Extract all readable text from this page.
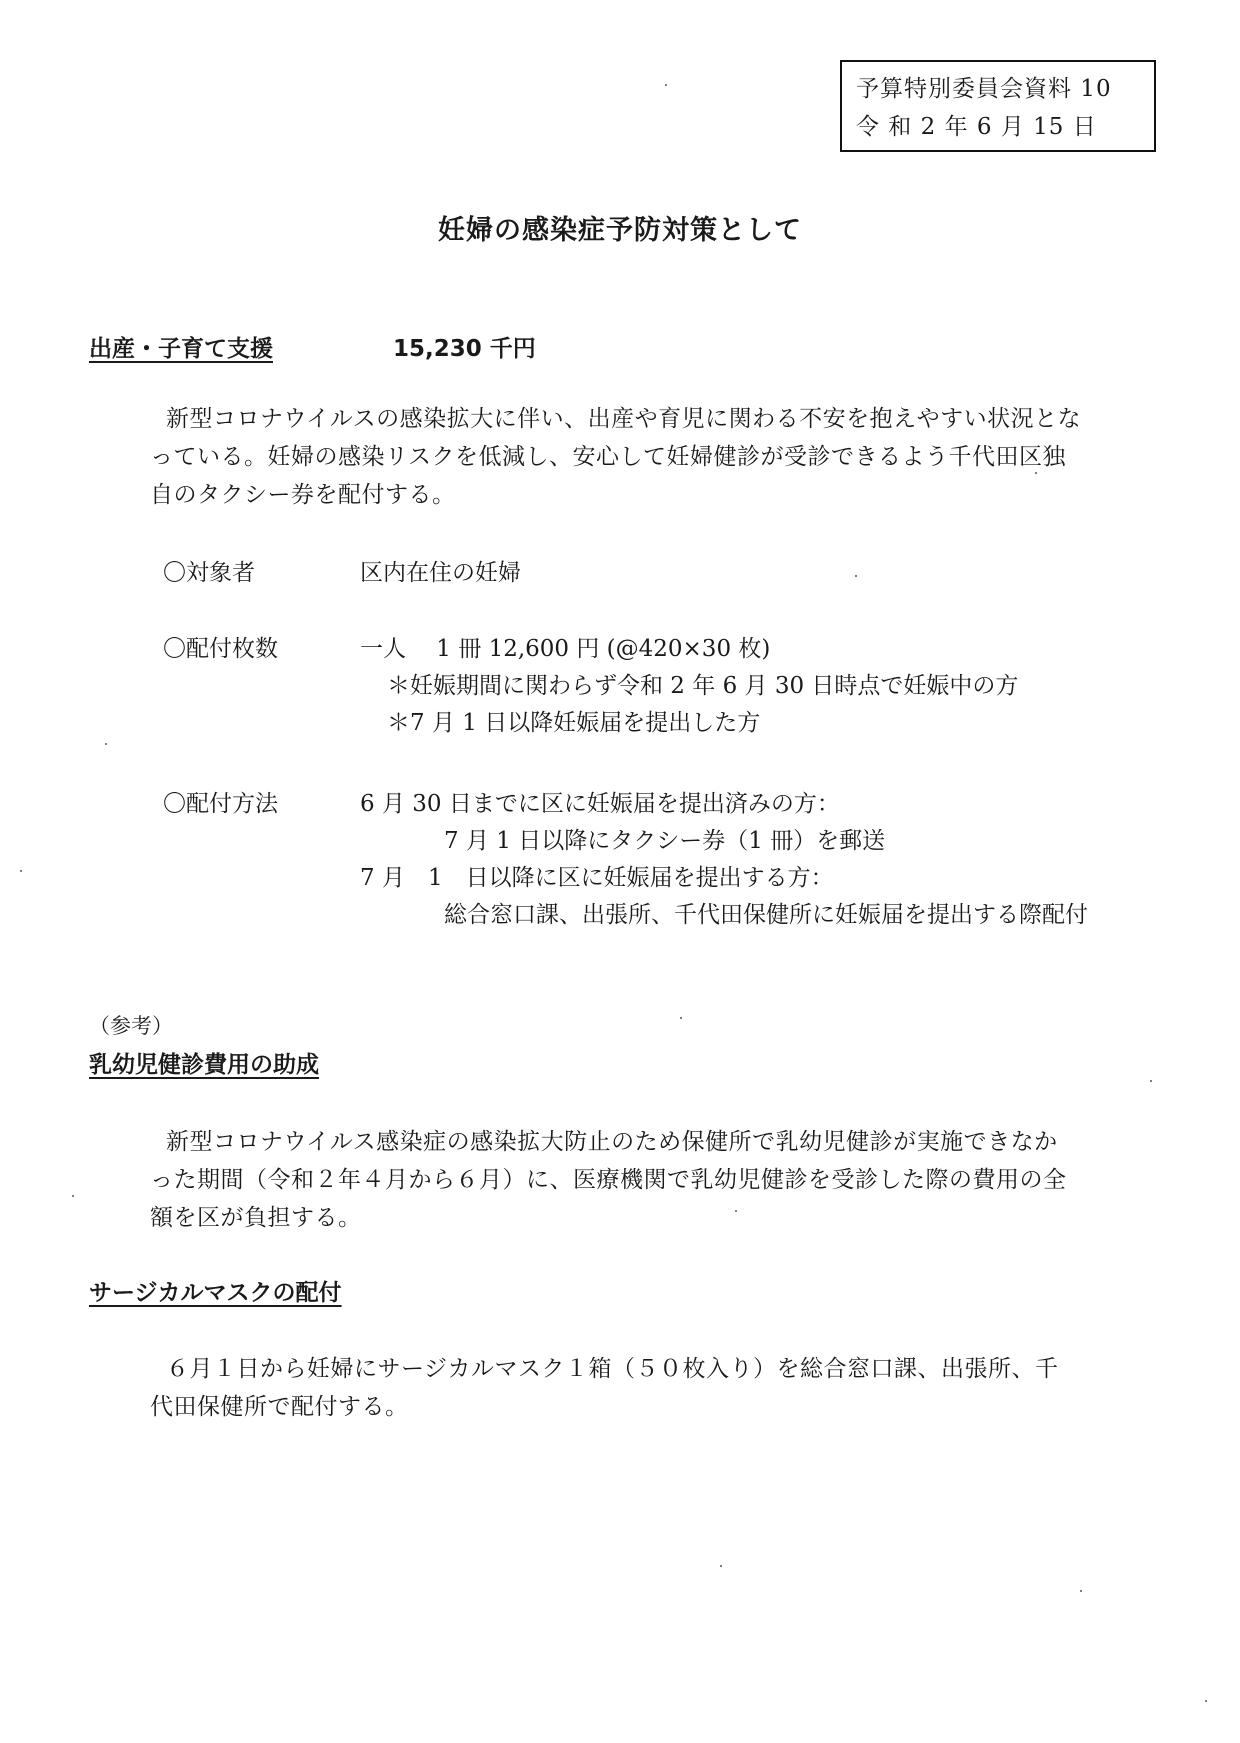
予算特別委員会資料 10
令 和 2 年 6 月 15 日
妊婦の感染症予防対策として
出産・子育て支援	15,230 千円
新型コロナウイルスの感染拡大に伴い、出産や育児に関わる不安を抱えやすい状況とな
っている。妊婦の感染リスクを低減し、安心して妊婦健診が受診できるよう千代田区独
自のタクシー券を配付する。
〇対象者	区内在住の妊婦
〇配付枚数	一人　 1 冊 12,600 円 (@420×30 枚)
＊妊娠期間に関わらず令和 2 年 6 月 30 日時点で妊娠中の方
＊7 月 1 日以降妊娠届を提出した方
〇配付方法	6 月 30 日までに区に妊娠届を提出済みの方：
7 月 1 日以降にタクシー券（1 冊）を郵送
7 月　1　日以降に区に妊娠届を提出する方：
総合窓口課、出張所、千代田保健所に妊娠届を提出する際配付
（参考）
乳幼児健診費用の助成
新型コロナウイルス感染症の感染拡大防止のため保健所で乳幼児健診が実施できなか
った期間（令和２年４月から６月）に、医療機関で乳幼児健診を受診した際の費用の全
額を区が負担する。
サージカルマスクの配付
６月１日から妊婦にサージカルマスク１箱（５０枚入り）を総合窓口課、出張所、千
代田保健所で配付する。
